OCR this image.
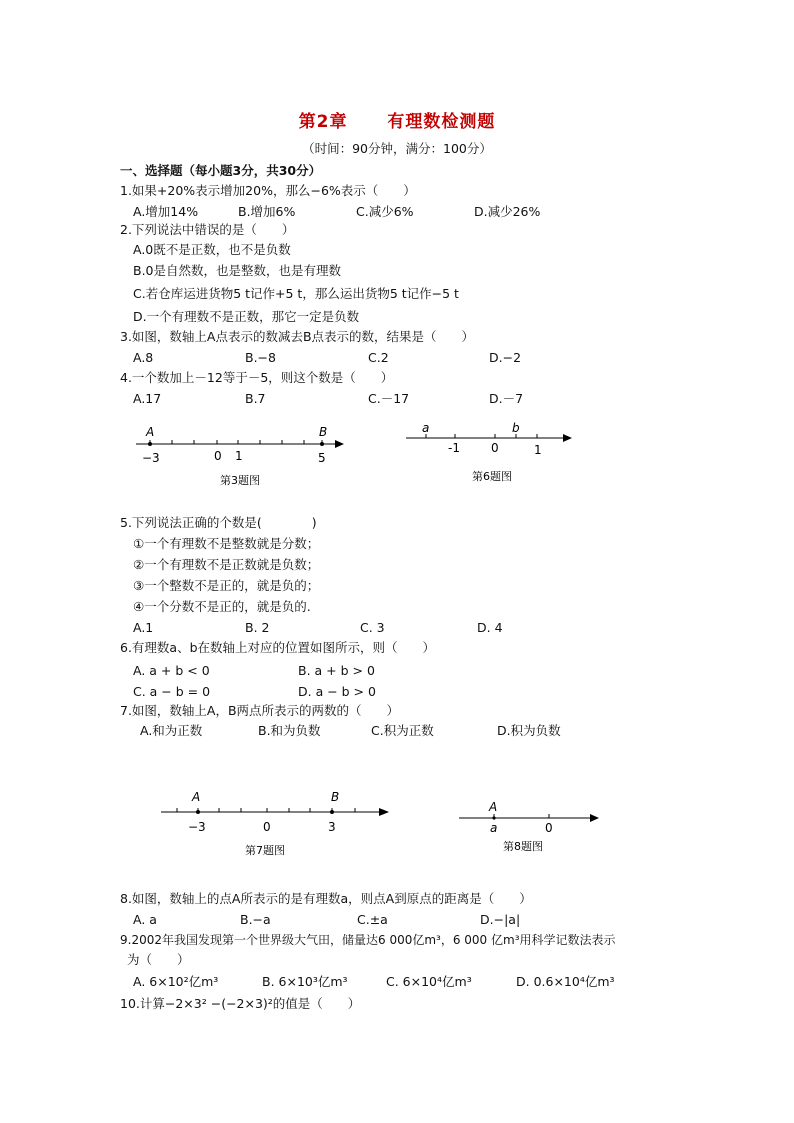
第2章 有理数检测题
（时间：90分钟，满分：100分）
一、选择题（每小题3分，共30分）
1.如果+20%表示增加20%，那么−6%表示（　　）
A.增加14%	B.增加6%	C.减少6%	D.减少26%
2.下列说法中错误的是（　　）
A.0既不是正数，也不是负数
B.0是自然数，也是整数，也是有理数
C.若仓库运进货物5 t记作+5 t，那么运出货物5 t记作−5 t
D.一个有理数不是正数，那它一定是负数
3.如图，数轴上A点表示的数减去B点表示的数，结果是（　　）
A.8	B.−8	C.2	D.−2
4.一个数加上－12等于－5，则这个数是（　　）
A.17	B.7	C.－17	D.－7
A	B
−3	0 1	5
第3题图
a	b
-1	0	1
第6题图
5.下列说法正确的个数是(　　　　)
①一个有理数不是整数就是分数；
②一个有理数不是正数就是负数；
③一个整数不是正的，就是负的；
④一个分数不是正的，就是负的.
A.1	B. 2	C. 3	D. 4
6.有理数a、b在数轴上对应的位置如图所示，则（　　）
A. a + b < 0	B. a + b > 0
C. a − b = 0	D. a − b > 0
7.如图，数轴上A，B两点所表示的两数的（　　）
A.和为正数	B.和为负数	C.积为正数	D.积为负数
A	B
−3	0	3
第7题图
A
a	0
第8题图
8.如图，数轴上的点A所表示的是有理数a，则点A到原点的距离是（　　）
A. a	B.−a	C.±a	D.−|a|
9.2002年我国发现第一个世界级大气田，储量达6 000亿m³，6 000 亿m³用科学记数法表示
为（　　）
A. 6×10²亿m³	B. 6×10³亿m³	C. 6×10⁴亿m³	D. 0.6×10⁴亿m³
10.计算−2×3² −(−2×3)²的值是（　　）
